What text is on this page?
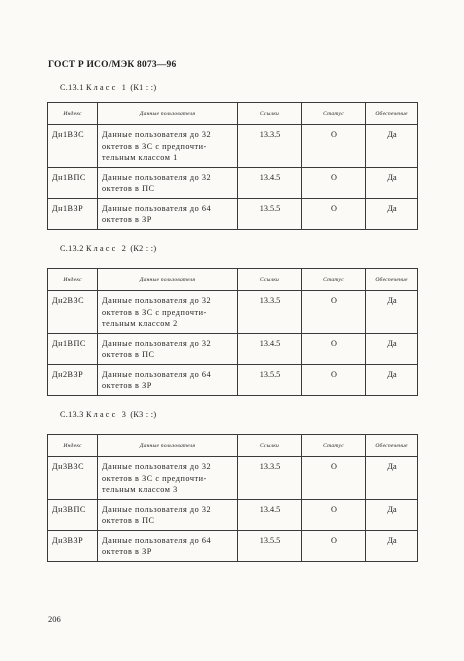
ГОСТ Р ИСО/МЭК 8073—96
С.13.1 Класс 1 (К1 : :)
Индекс	Данные пользователя	Ссылки	Статус	Обеспечение
Дн1ВЗС	Данные пользователя до 32
октетов в ЗС с предпочти-
тельным классом 1	13.3.5	О	Да
Дн1ВПС	Данные пользователя до 32
октетов в ПС	13.4.5	О	Да
Дн1ВЗР	Данные пользователя до 64
октетов в ЗР	13.5.5	О	Да
С.13.2 Класс 2 (К2 : :)
Индекс	Данные пользователя	Ссылки	Статус	Обеспечение
Дн2ВЗС	Данные пользователя до 32
октетов в ЗС с предпочти-
тельным классом 2	13.3.5	О	Да
Дн1ВПС	Данные пользователя до 32
октетов в ПС	13.4.5	О	Да
Дн2ВЗР	Данные пользователя до 64
октетов в ЗР	13.5.5	О	Да
С.13.3 Класс 3 (К3 : :)
Индекс	Данные пользователя	Ссылки	Статус	Обеспечение
Дн3ВЗС	Данные пользователя до 32
октетов в ЗС с предпочти-
тельным классом 3	13.3.5	О	Да
Дн3ВПС	Данные пользователя до 32
октетов в ПС	13.4.5	О	Да
Дн3ВЗР	Данные пользователя до 64
октетов в ЗР	13.5.5	О	Да
206
